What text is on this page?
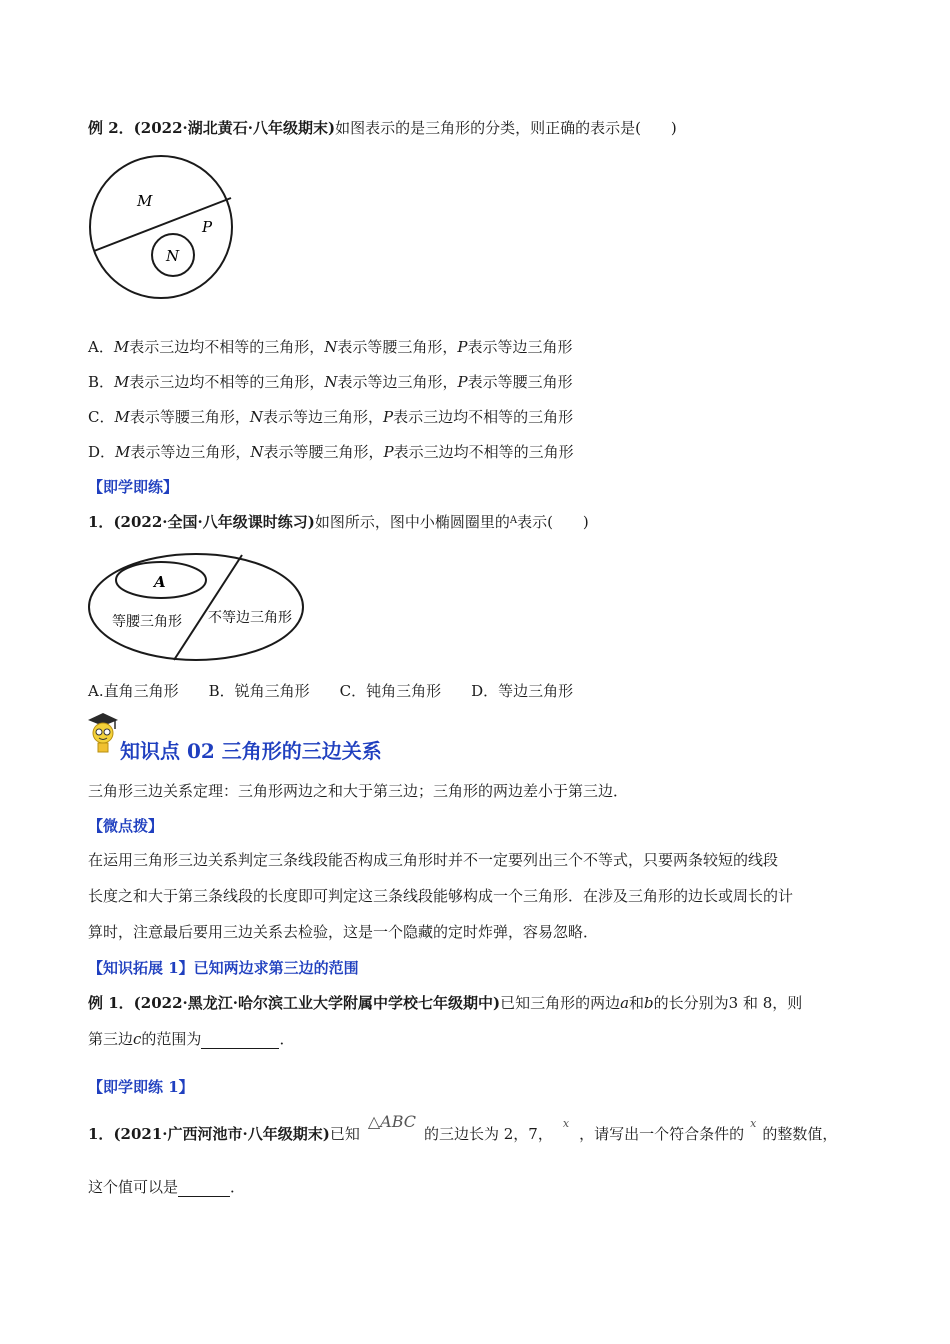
例 2．(2022·湖北黄石·八年级期末)如图表示的是三角形的分类，则正确的表示是(　　)
M
N
P
A．M表示三边均不相等的三角形，N表示等腰三角形，P表示等边三角形
B．M表示三边均不相等的三角形，N表示等边三角形，P表示等腰三角形
C．M表示等腰三角形，N表示等边三角形，P表示三边均不相等的三角形
D．M表示等边三角形，N表示等腰三角形，P表示三边均不相等的三角形
【即学即练】
1．(2022·全国·八年级课时练习)如图所示，图中小椭圆圈里的$^A$表示(　　)
A
等腰三角形 不等边三角形
A.直角三角形 B．锐角三角形 C．钝角三角形 D．等边三角形
知识点 02 三角形的三边关系
三角形三边关系定理：三角形两边之和大于第三边；三角形的两边差小于第三边．
【微点拨】
在运用三角形三边关系判定三条线段能否构成三角形时并不一定要列出三个不等式，只要两条较短的线段
长度之和大于第三条线段的长度即可判定这三条线段能够构成一个三角形．在涉及三角形的边长或周长的计
算时，注意最后要用三边关系去检验，这是一个隐藏的定时炸弹，容易忽略．
【知识拓展 1】已知两边求第三边的范围
例 1．(2022·黑龙江·哈尔滨工业大学附属中学校七年级期中)已知三角形的两边a和b的长分别为3 和 8，则
第三边c的范围为	．
【即学即练 1】
1．(2021·广西河池市·八年级期末)已知△ABC的三边长为 2，7，x，请写出一个符合条件的x的整数值，
这个值可以是	．
